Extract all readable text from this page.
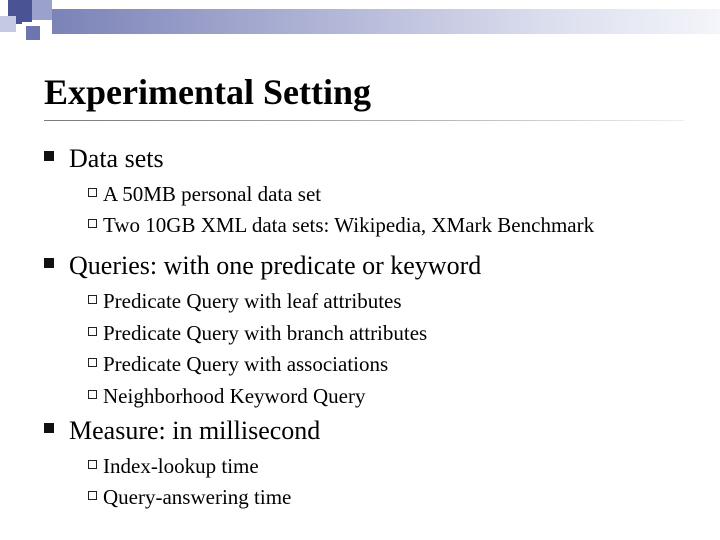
Experimental Setting
Data sets
A 50MB personal data set
Two 10GB XML data sets: Wikipedia, XMark Benchmark
Queries: with one predicate or keyword
Predicate Query with leaf attributes
Predicate Query with branch attributes
Predicate Query with associations
Neighborhood Keyword Query
Measure: in millisecond
Index-lookup time
Query-answering time
